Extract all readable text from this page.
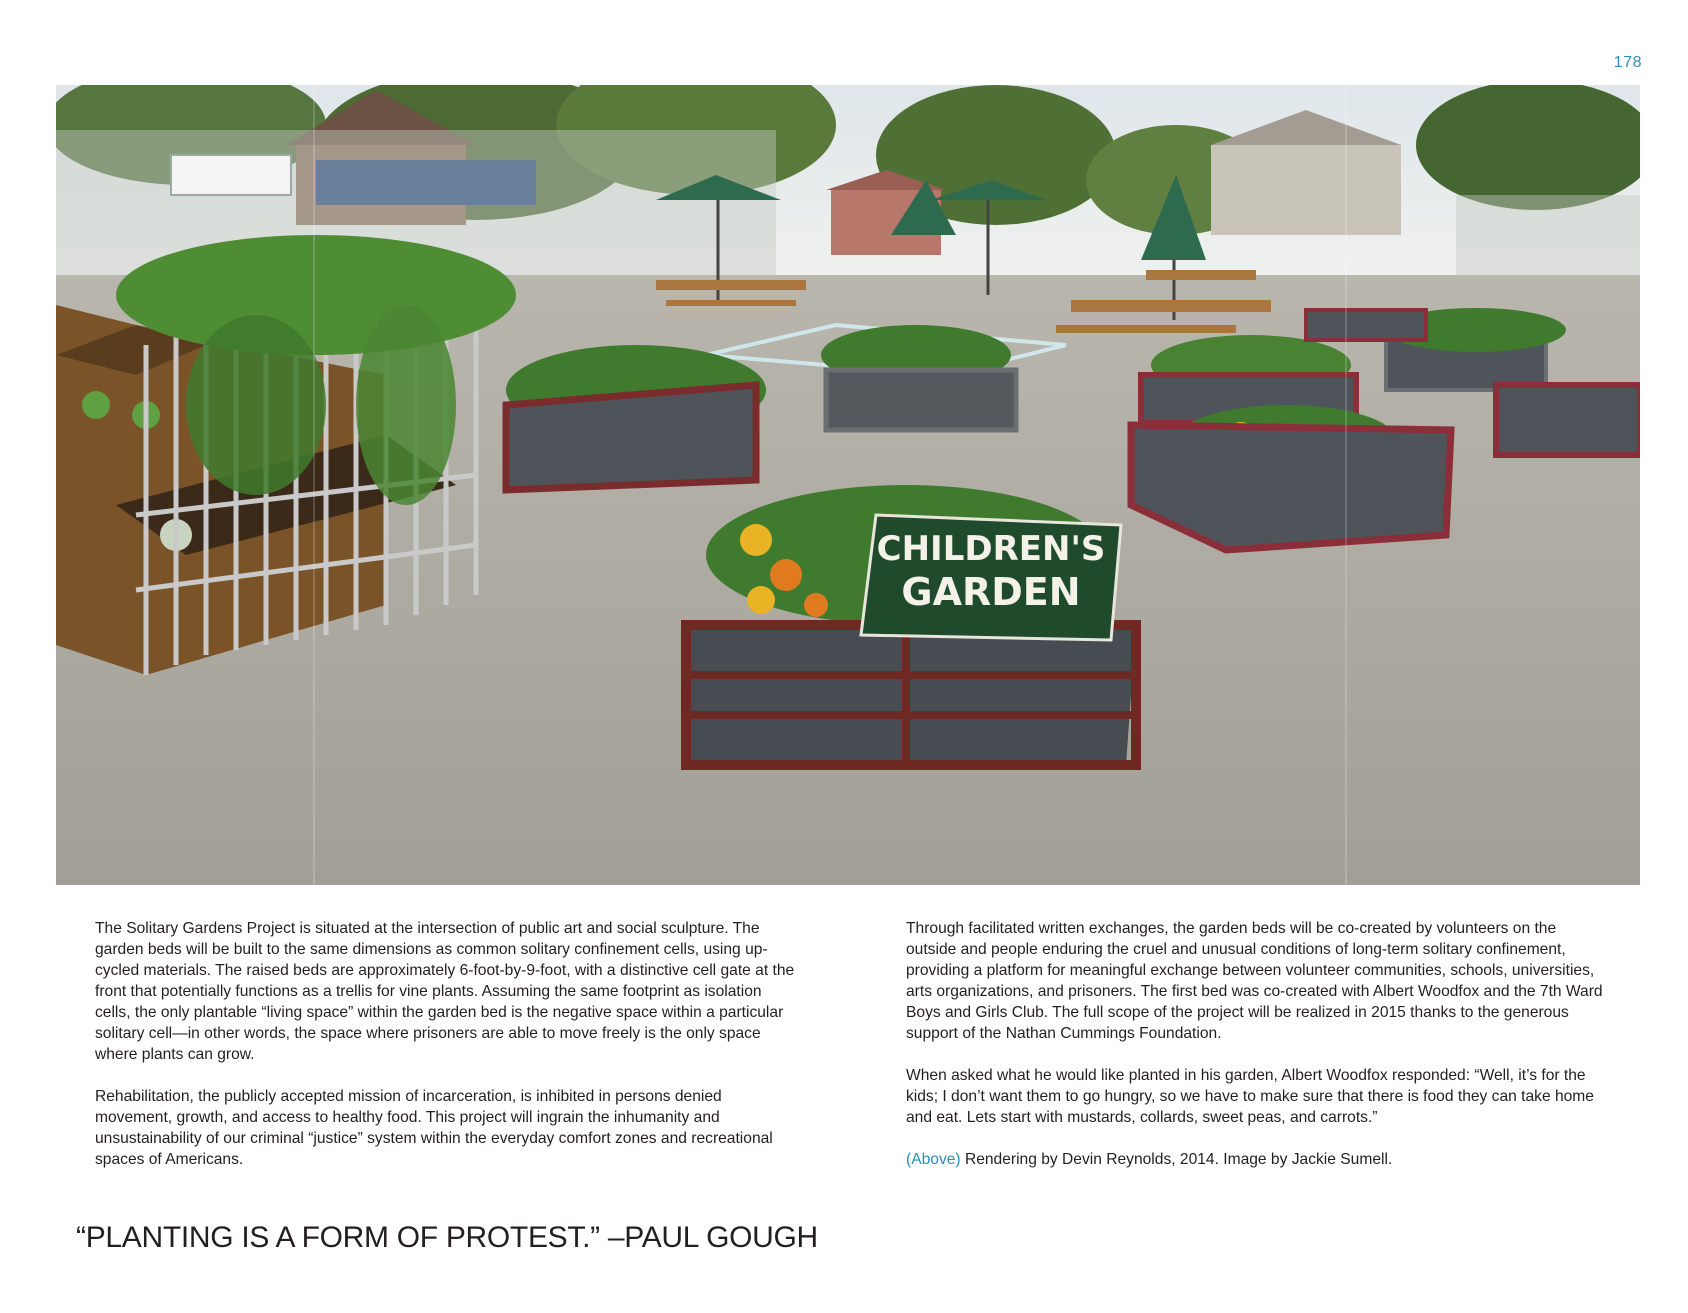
178
CHILDREN'S
GARDEN

The Solitary Gardens Project is situated at the intersection of public art and social sculpture. The garden beds will be built to the same dimensions as common solitary confinement cells, using up-cycled materials. The raised beds are approximately 6-foot-by-9-foot, with a distinctive cell gate at the front that potentially functions as a trellis for vine plants. Assuming the same footprint as isolation cells, the only plantable “living space” within the garden bed is the negative space within a particular solitary cell—in other words, the space where prisoners are able to move freely is the only space where plants can grow.

Rehabilitation, the publicly accepted mission of incarceration, is inhibited in persons denied movement, growth, and access to healthy food. This project will ingrain the inhumanity and unsustainability of our criminal “justice” system within the everyday comfort zones and recreational spaces of Americans.

Through facilitated written exchanges, the garden beds will be co-created by volunteers on the outside and people enduring the cruel and unusual conditions of long-term solitary confinement, providing a platform for meaningful exchange between volunteer communities, schools, universities, arts organizations, and prisoners. The first bed was co-created with Albert Woodfox and the 7th Ward Boys and Girls Club. The full scope of the project will be realized in 2015 thanks to the generous support of the Nathan Cummings Foundation.

When asked what he would like planted in his garden, Albert Woodfox responded: “Well, it’s for the kids; I don’t want them to go hungry, so we have to make sure that there is food they can take home and eat. Lets start with mustards, collards, sweet peas, and carrots.”

(Above) Rendering by Devin Reynolds, 2014. Image by Jackie Sumell.

“PLANTING IS A FORM OF PROTEST.” –PAUL GOUGH
